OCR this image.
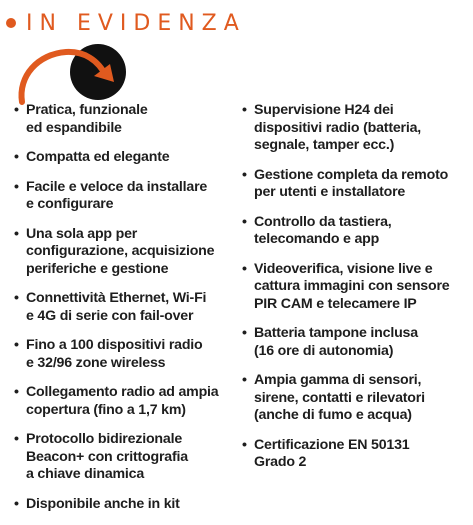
IN EVIDENZA
• Pratica, funzionale
ed espandibile
• Compatta ed elegante
• Facile e veloce da installare
e configurare
• Una sola app per
configurazione, acquisizione
periferiche e gestione
• Connettività Ethernet, Wi-Fi
e 4G di serie con fail-over
• Fino a 100 dispositivi radio
e 32/96 zone wireless
• Collegamento radio ad ampia
copertura (fino a 1,7 km)
• Protocollo bidirezionale
Beacon+ con crittografia
a chiave dinamica
• Disponibile anche in kit
• Supervisione H24 dei
dispositivi radio (batteria,
segnale, tamper ecc.)
• Gestione completa da remoto
per utenti e installatore
• Controllo da tastiera,
telecomando e app
• Videoverifica, visione live e
cattura immagini con sensore
PIR CAM e telecamere IP
• Batteria tampone inclusa
(16 ore di autonomia)
• Ampia gamma di sensori,
sirene, contatti e rilevatori
(anche di fumo e acqua)
• Certificazione EN 50131
Grado 2
